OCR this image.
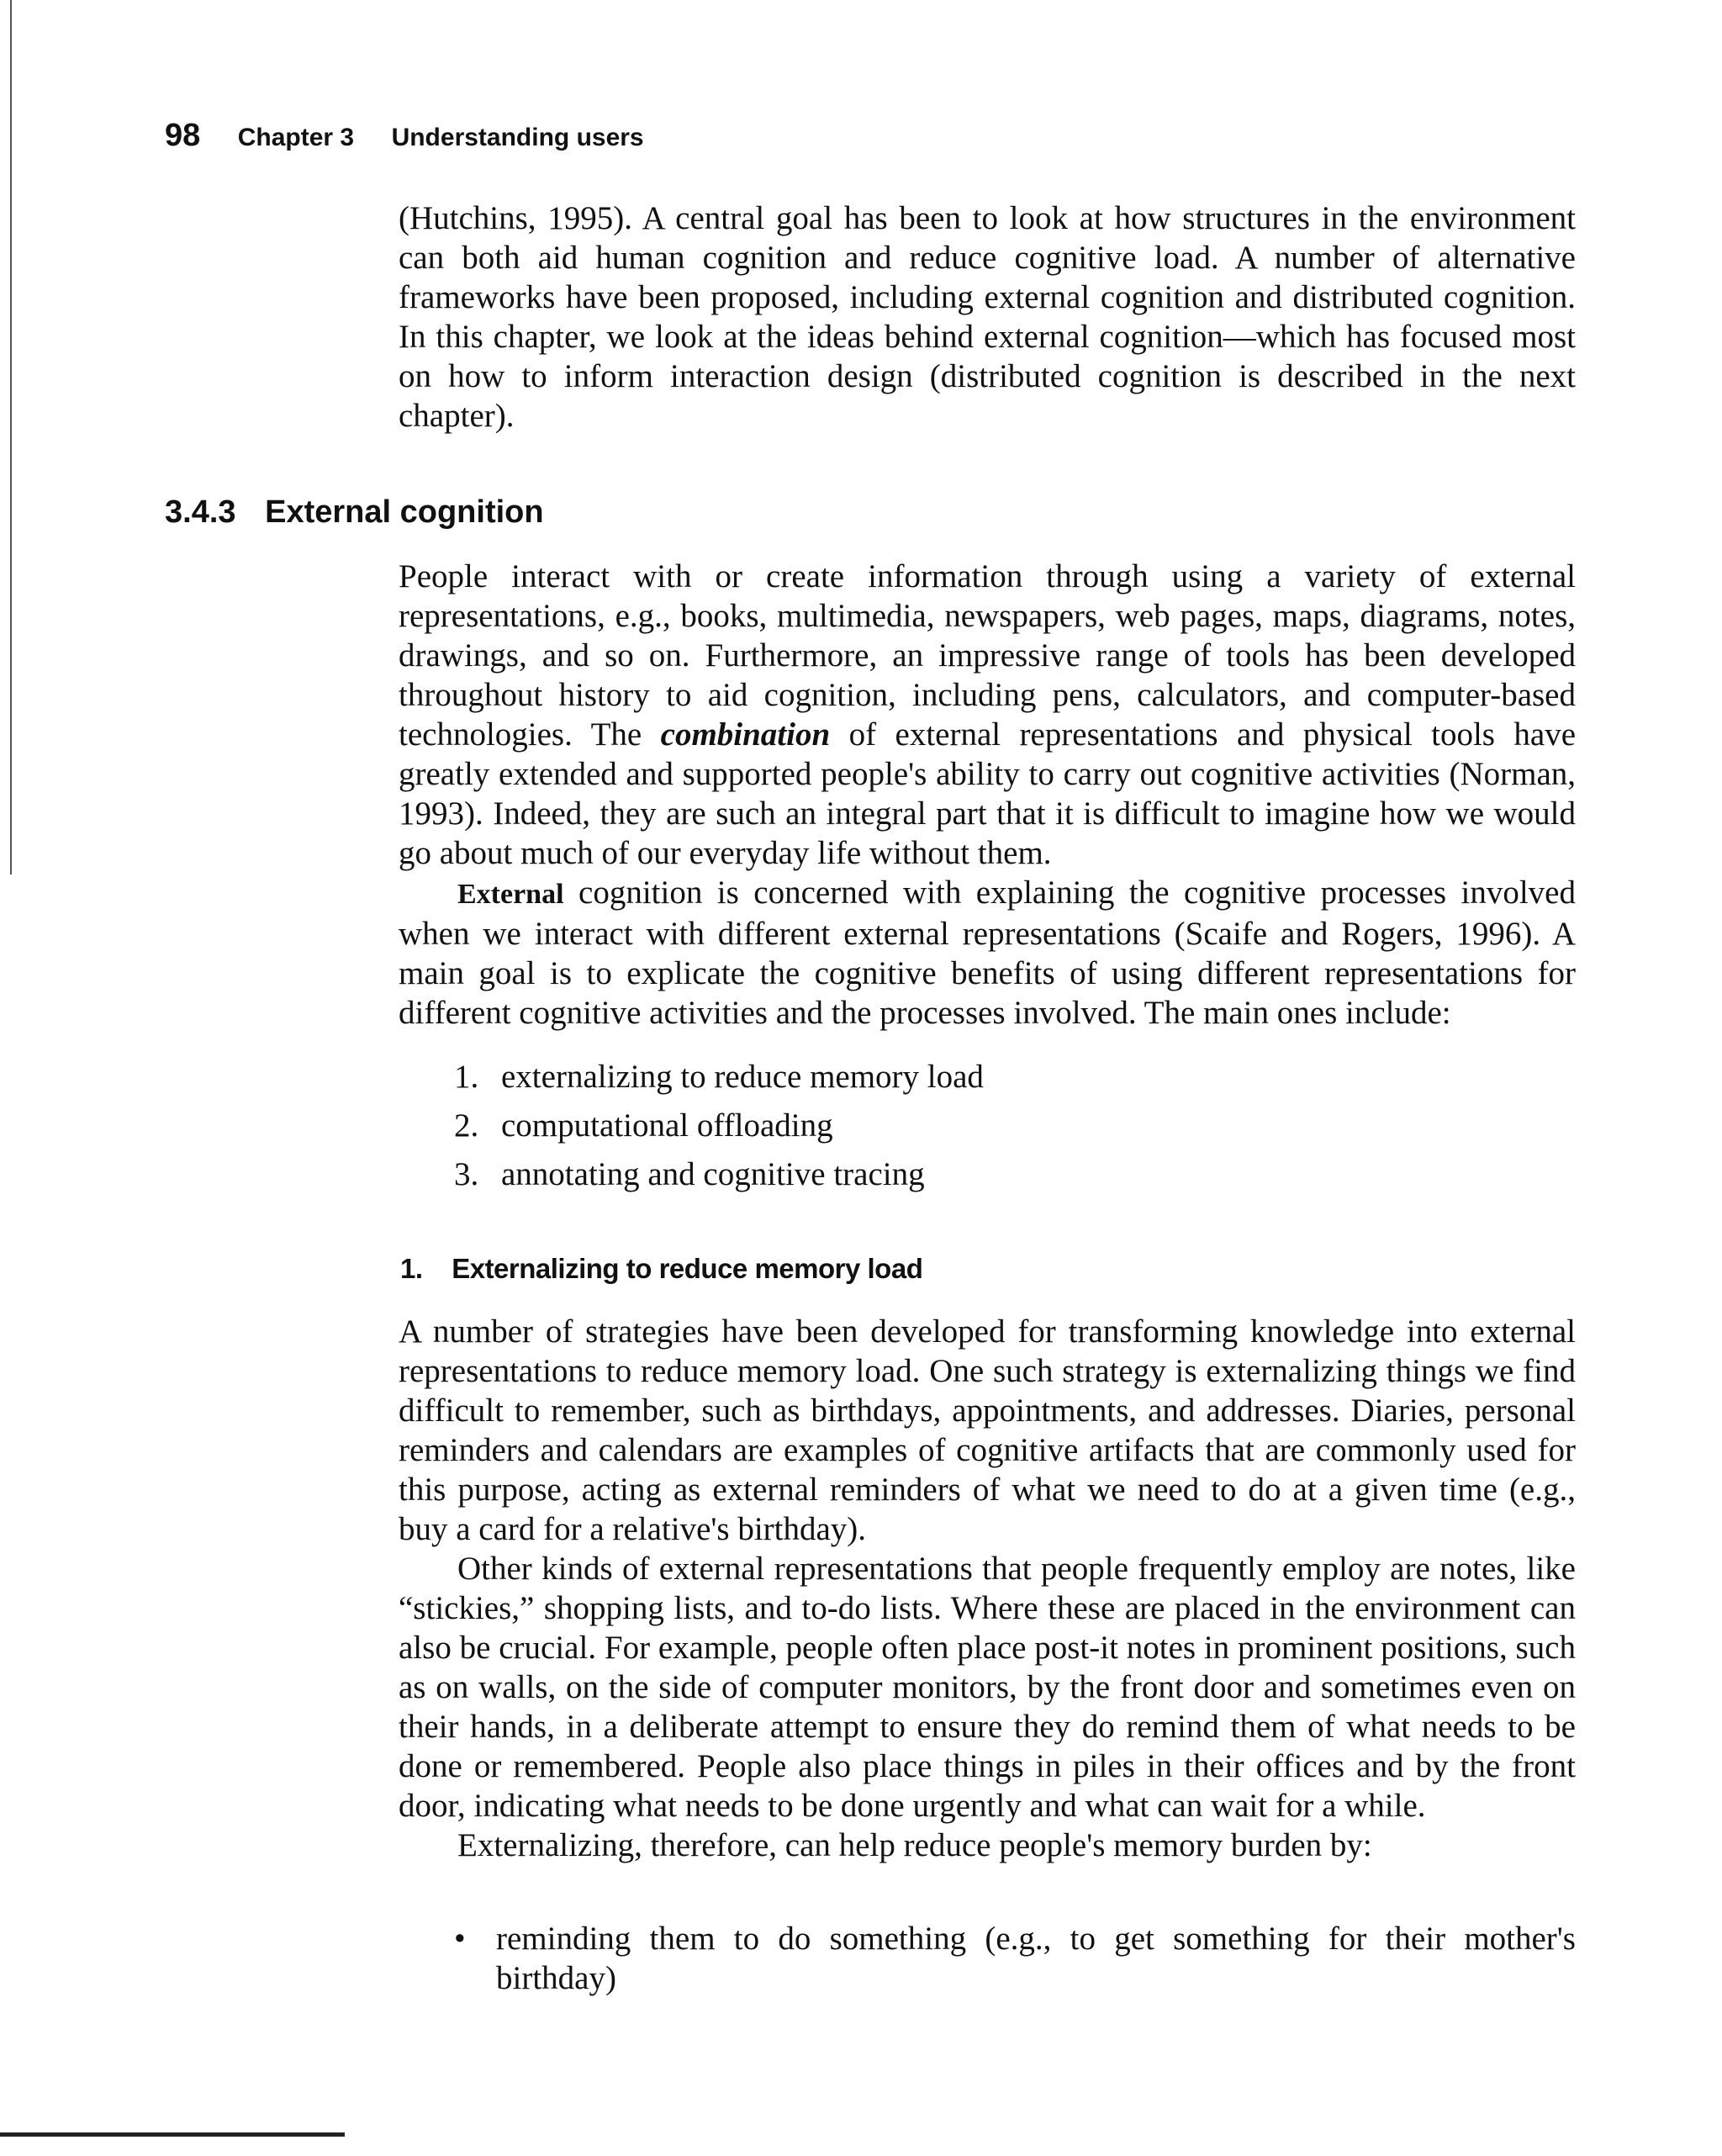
98 Chapter 3 Understanding users

(Hutchins, 1995). A central goal has been to look at how structures in the environment can both aid human cognition and reduce cognitive load. A number of alternative frameworks have been proposed, including external cognition and distributed cognition. In this chapter, we look at the ideas behind external cognition—which has focused most on how to inform interaction design (distributed cognition is described in the next chapter).

3.4.3 External cognition

People interact with or create information through using a variety of external representations, e.g., books, multimedia, newspapers, web pages, maps, diagrams, notes, drawings, and so on. Furthermore, an impressive range of tools has been developed throughout history to aid cognition, including pens, calculators, and computer-based technologies. The combination of external representations and physical tools have greatly extended and supported people's ability to carry out cognitive activities (Norman, 1993). Indeed, they are such an integral part that it is difficult to imagine how we would go about much of our everyday life without them.

External cognition is concerned with explaining the cognitive processes involved when we interact with different external representations (Scaife and Rogers, 1996). A main goal is to explicate the cognitive benefits of using different representations for different cognitive activities and the processes involved. The main ones include:

1. externalizing to reduce memory load
2. computational offloading
3. annotating and cognitive tracing
1. Externalizing to reduce memory load

A number of strategies have been developed for transforming knowledge into external representations to reduce memory load. One such strategy is externalizing things we find difficult to remember, such as birthdays, appointments, and addresses. Diaries, personal reminders and calendars are examples of cognitive artifacts that are commonly used for this purpose, acting as external reminders of what we need to do at a given time (e.g., buy a card for a relative's birthday).

Other kinds of external representations that people frequently employ are notes, like “stickies,” shopping lists, and to-do lists. Where these are placed in the environment can also be crucial. For example, people often place post-it notes in prominent positions, such as on walls, on the side of computer monitors, by the front door and sometimes even on their hands, in a deliberate attempt to ensure they do remind them of what needs to be done or remembered. People also place things in piles in their offices and by the front door, indicating what needs to be done urgently and what can wait for a while.

Externalizing, therefore, can help reduce people's memory burden by:

• reminding them to do something (e.g., to get something for their mother's birthday)
